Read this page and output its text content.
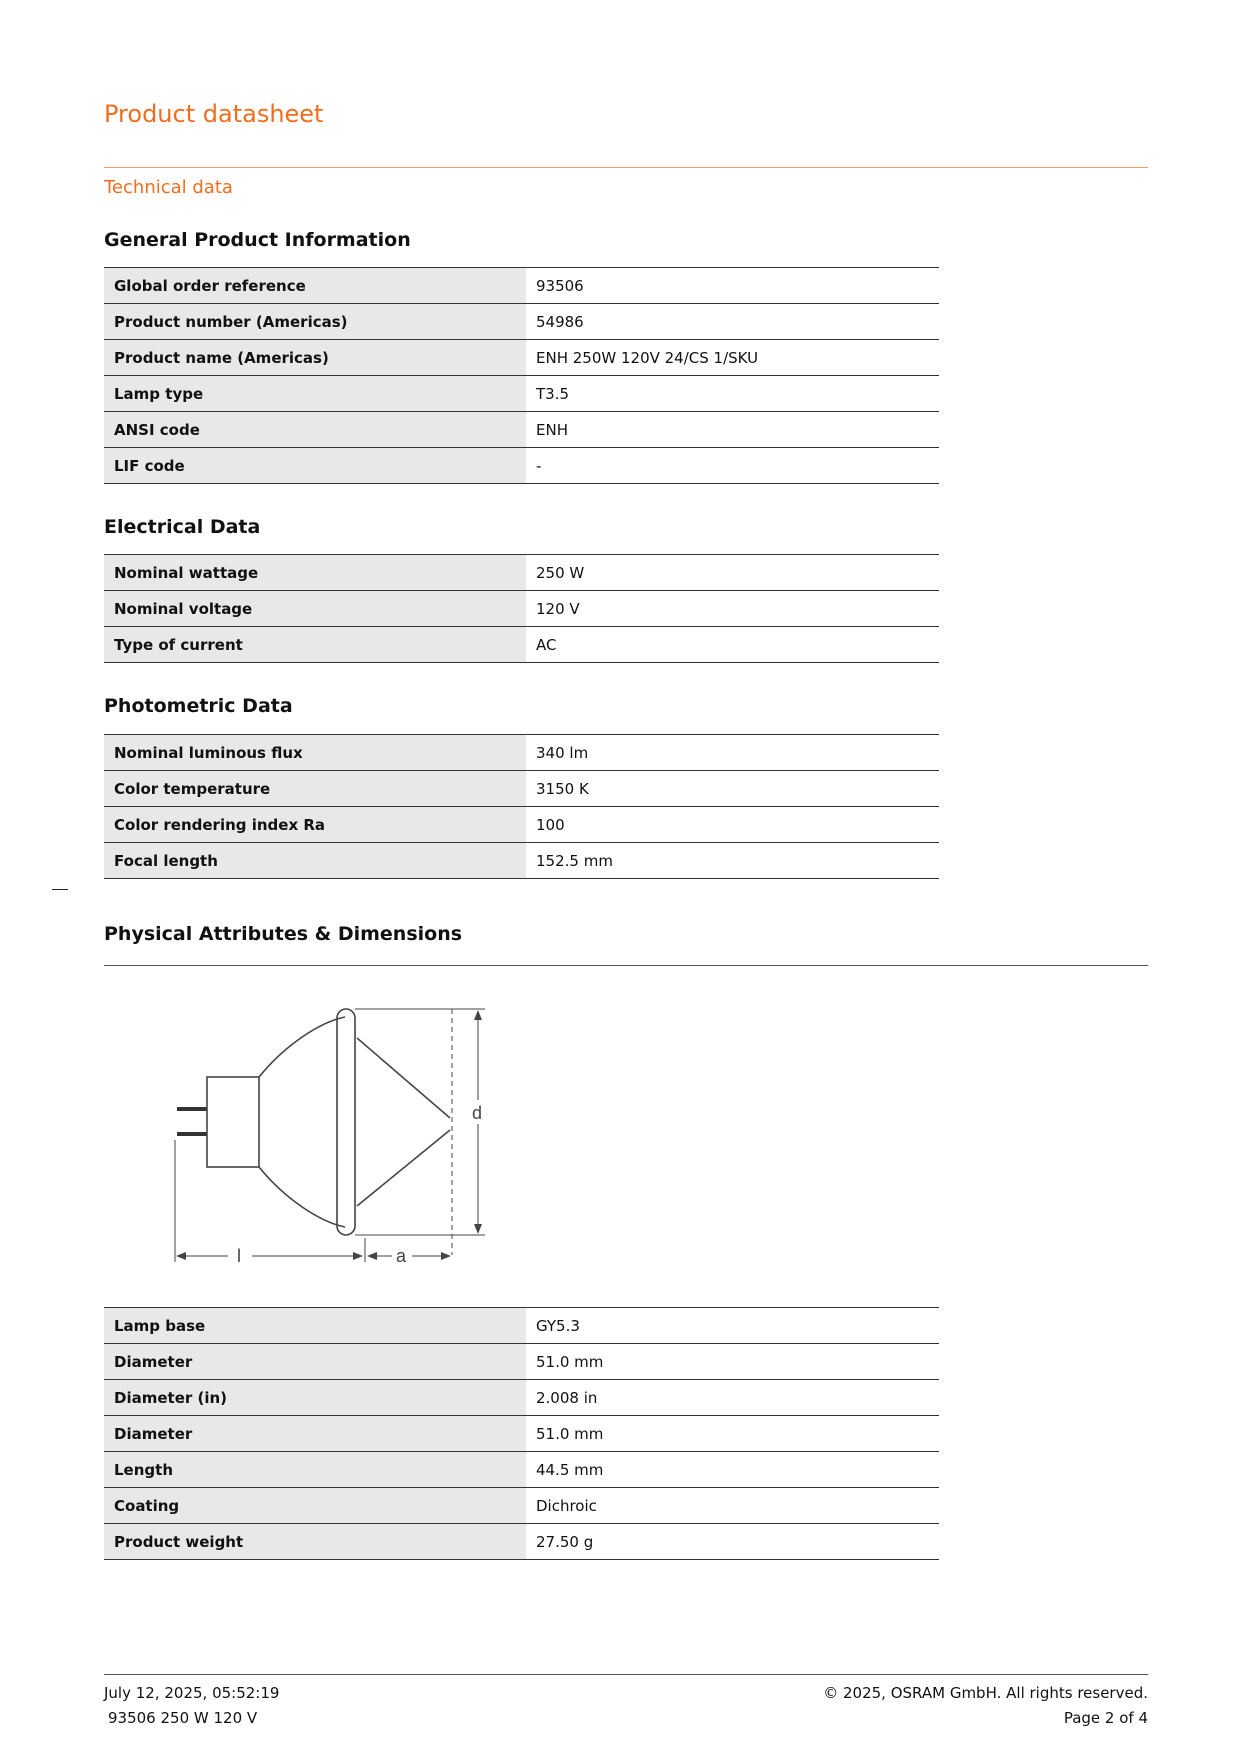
Product datasheet
Technical data
General Product Information
Global order reference	93506
Product number (Americas)	54986
Product name (Americas)	ENH 250W 120V 24/CS 1/SKU
Lamp type	T3.5
ANSI code	ENH
LIF code	-
Electrical Data
Nominal wattage	250 W
Nominal voltage	120 V
Type of current	AC
Photometric Data
Nominal luminous flux	340 lm
Color temperature	3150 K
Color rendering index Ra	100
Focal length	152.5 mm
Physical Attributes & Dimensions
d
l	a
Lamp base	GY5.3
Diameter	51.0 mm
Diameter (in)	2.008 in
Diameter	51.0 mm
Length	44.5 mm
Coating	Dichroic
Product weight	27.50 g
July 12, 2025, 05:52:19
93506 250 W 120 V
© 2025, OSRAM GmbH. All rights reserved.
Page 2 of 4
